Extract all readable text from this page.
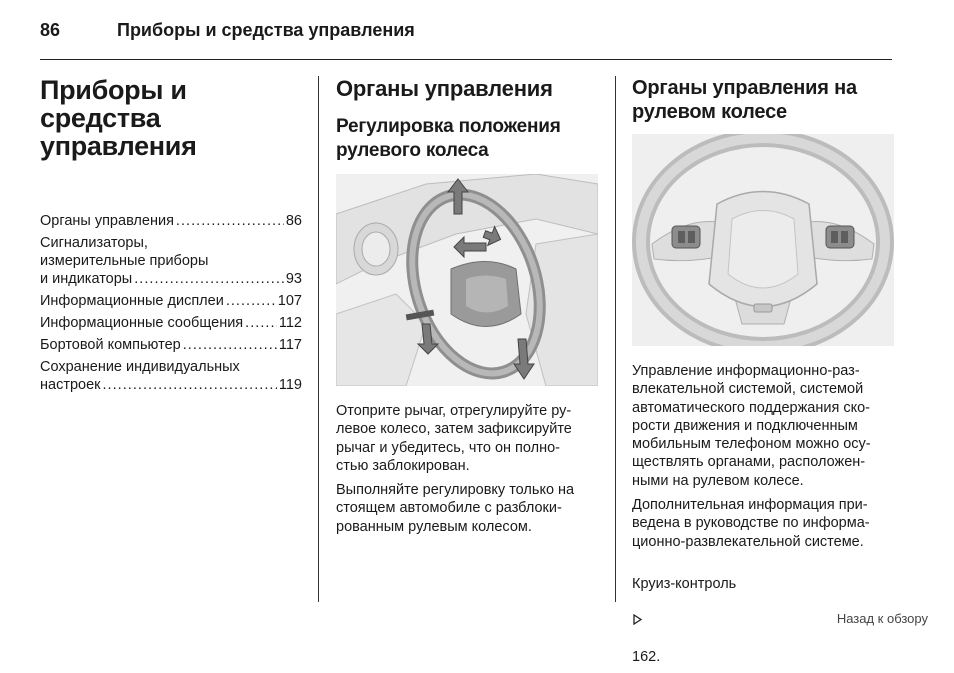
86	Приборы и средства управления
Приборы и средства
управления
Органы управления . . .	86
Сигнализаторы,
измерительные приборы
и индикаторы . . .	93
Информационные дисплеи . . .	107
Информационные сообщения . . . 112
Бортовой компьютер . . .	117
Сохранение индивидуальных
настроек . . .	119
Органы управления
Регулировка положения
рулевого колеса

Отоприте рычаг, отрегулируйте ру-
левое колесо, затем зафиксируйте
рычаг и убедитесь, что он полно-
стью заблокирован.

Выполняйте регулировку только на
стоящем автомобиле с разблоки-
рованным рулевым колесом.

Органы управления на
рулевом колесе

Управление информационно-раз-
влекательной системой, системой
автоматического поддержания ско-
рости движения и подключенным
мобильным телефоном можно осу-
ществлять органами, расположен-
ными на рулевом колесе.

Дополнительная информация при-
ведена в руководстве по информа-
ционно-развлекательной системе.

Круиз-контроль

162.

Назад к обзору
